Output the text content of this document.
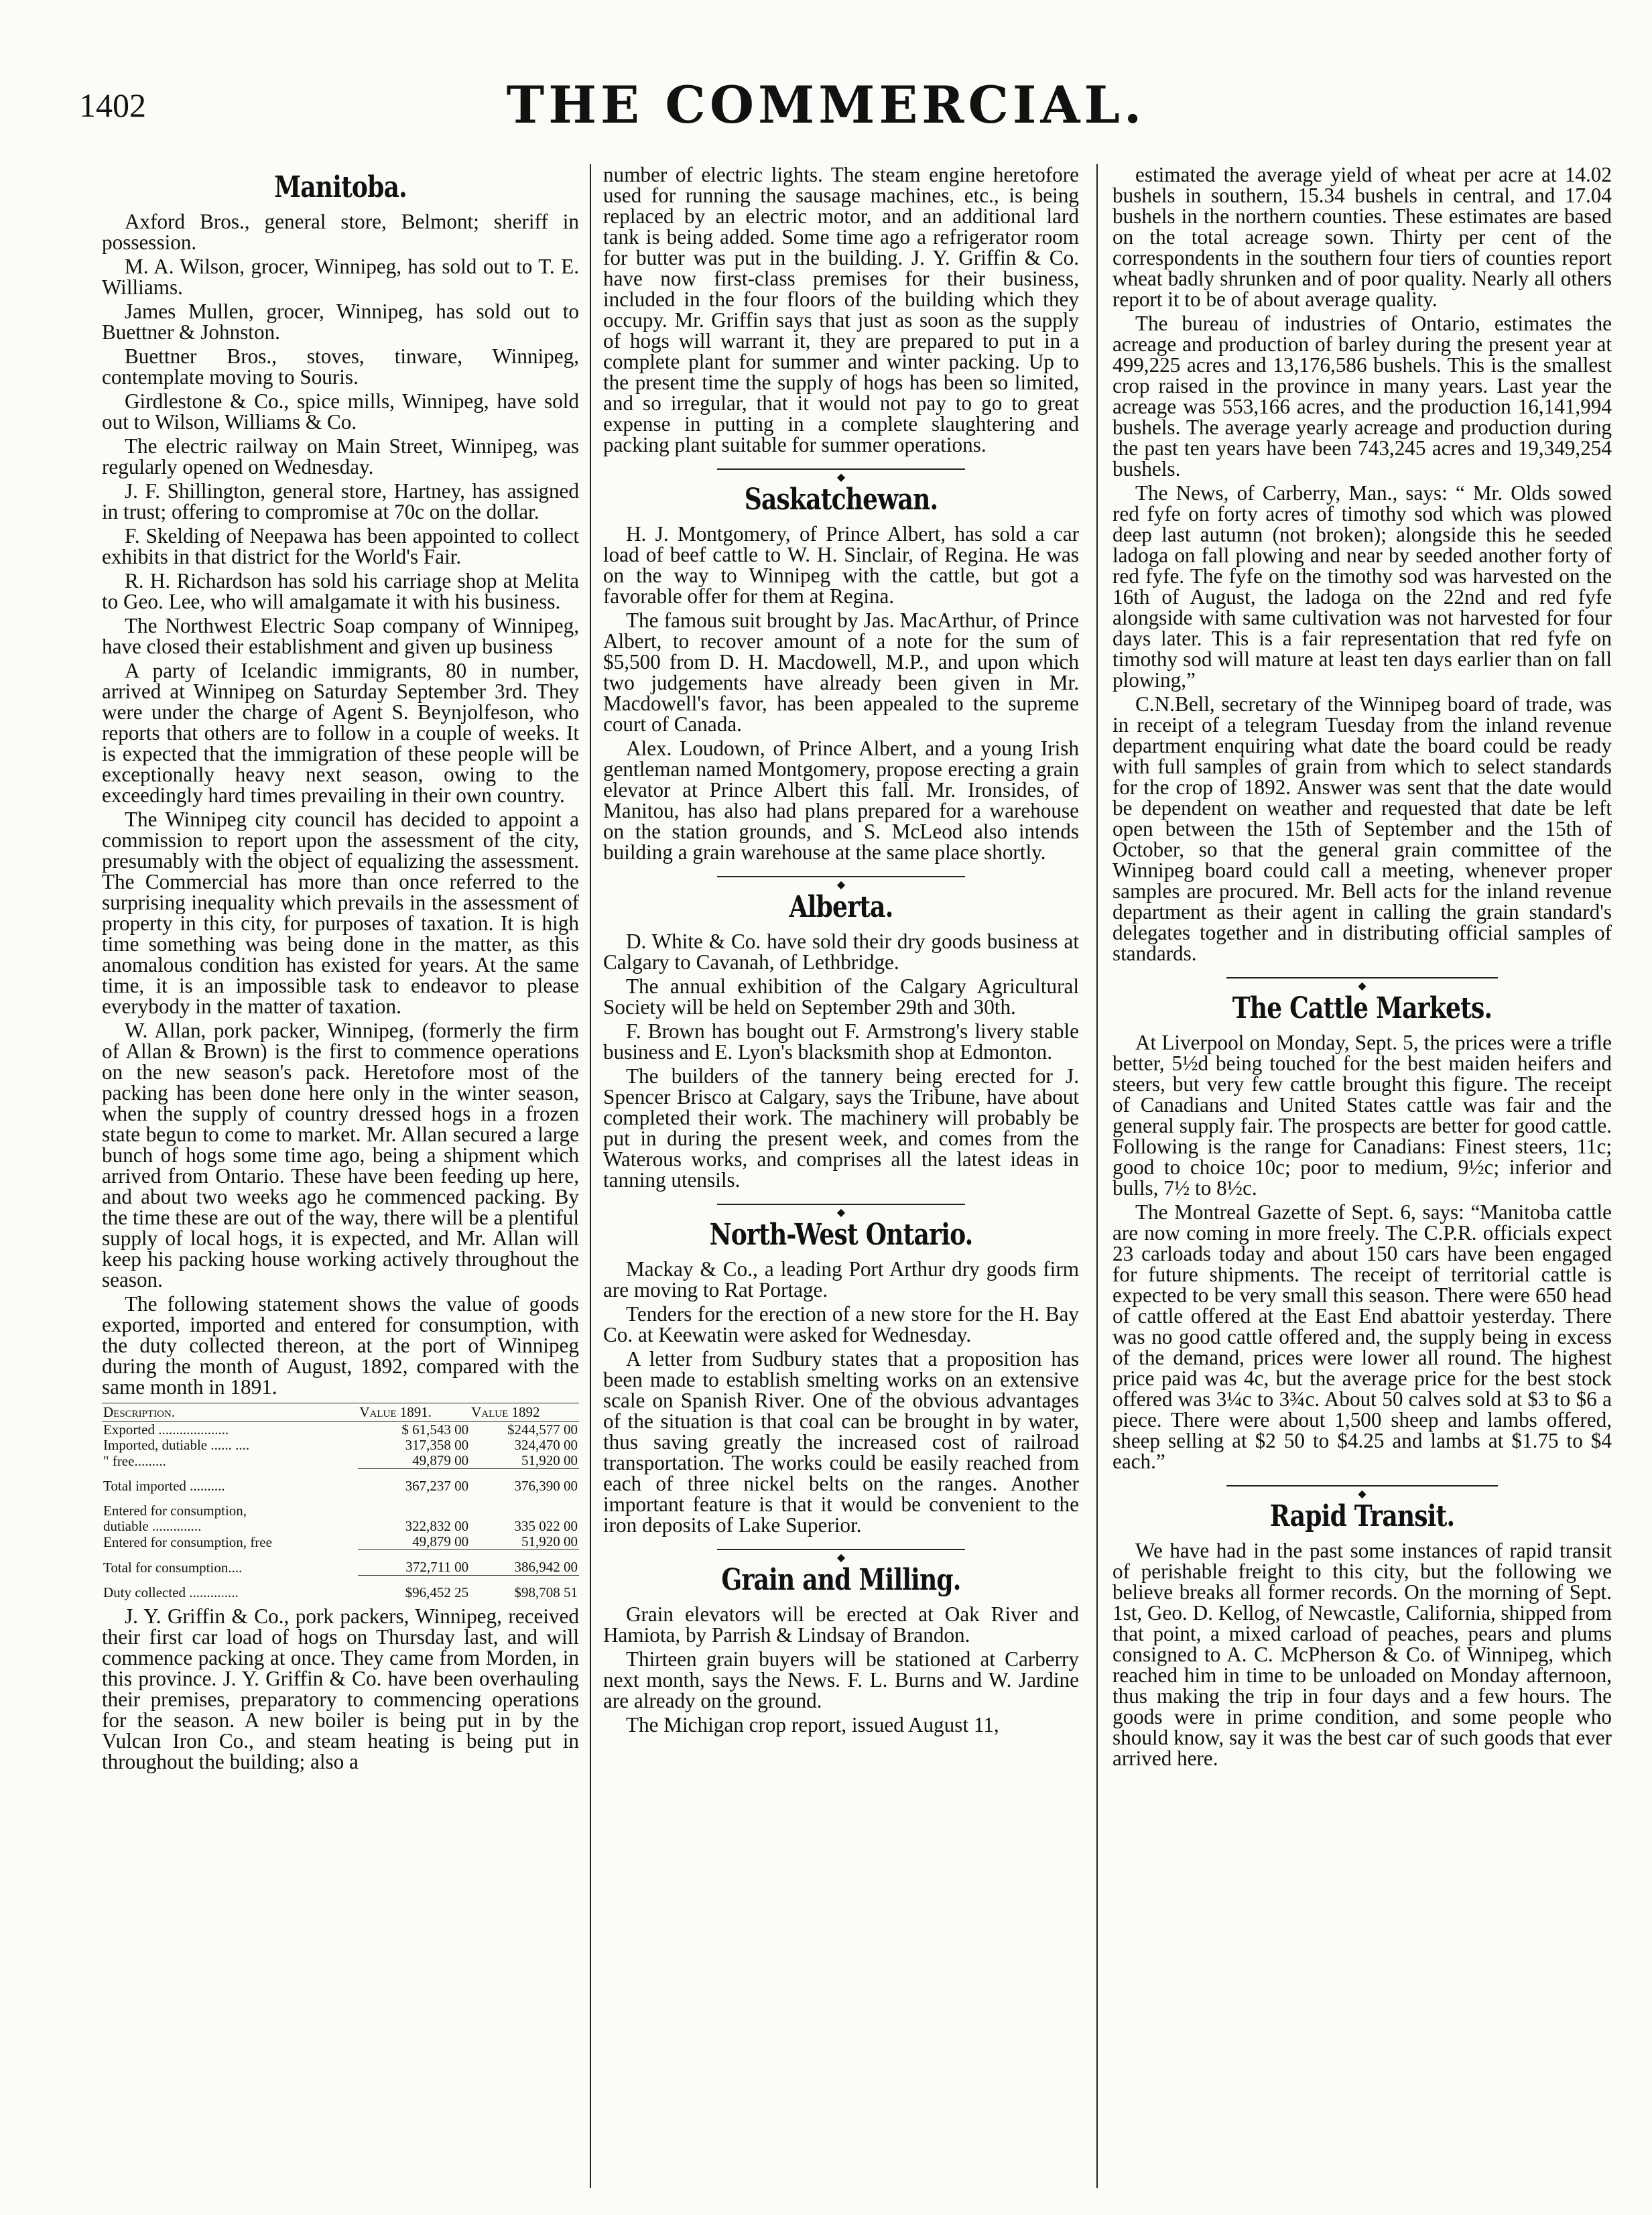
1402	THE COMMERCIAL.
Manitoba.

Axford Bros., general store, Belmont; sheriff in possession.

M. A. Wilson, grocer, Winnipeg, has sold out to T. E. Williams.

James Mullen, grocer, Winnipeg, has sold out to Buettner & Johnston.

Buettner Bros., stoves, tinware, Winnipeg, contemplate moving to Souris.

Girdlestone & Co., spice mills, Winnipeg, have sold out to Wilson, Williams & Co.

The electric railway on Main Street, Winnipeg, was regularly opened on Wednesday.

J. F. Shillington, general store, Hartney, has assigned in trust; offering to compromise at 70c on the dollar.

F. Skelding of Neepawa has been appointed to collect exhibits in that district for the World's Fair.

R. H. Richardson has sold his carriage shop at Melita to Geo. Lee, who will amalgamate it with his business.

The Northwest Electric Soap company of Winnipeg, have closed their establishment and given up business

A party of Icelandic immigrants, 80 in number, arrived at Winnipeg on Saturday September 3rd. They were under the charge of Agent S. Beynjolfeson, who reports that others are to follow in a couple of weeks. It is expected that the immigration of these people will be exceptionally heavy next season, owing to the exceedingly hard times prevailing in their own country.

The Winnipeg city council has decided to appoint a commission to report upon the assessment of the city, presumably with the object of equalizing the assessment. The Commercial has more than once referred to the surprising inequality which prevails in the assessment of property in this city, for purposes of taxation. It is high time something was being done in the matter, as this anomalous condition has existed for years. At the same time, it is an impossible task to endeavor to please everybody in the matter of taxation.

W. Allan, pork packer, Winnipeg, (formerly the firm of Allan & Brown) is the first to commence operations on the new season's pack. Heretofore most of the packing has been done here only in the winter season, when the supply of country dressed hogs in a frozen state begun to come to market. Mr. Allan secured a large bunch of hogs some time ago, being a shipment which arrived from Ontario. These have been feeding up here, and about two weeks ago he commenced packing. By the time these are out of the way, there will be a plentiful supply of local hogs, it is expected, and Mr. Allan will keep his packing house working actively throughout the season.

The following statement shows the value of goods exported, imported and entered for consumption, with the duty collected thereon, at the port of Winnipeg during the month of August, 1892, compared with the same month in 1891.

Description.	Value 1891.	Value 1892
Exported ....................	$ 61,543 00	$244,577 00
Imported, dutiable ...... ....	317,358 00	324,470 00
" free.........	49,879 00	51,920 00
Total imported ..........	367,237 00	376,390 00
Entered for consumption,		
dutiable ..............	322,832 00	335 022 00
Entered for consumption, free	49,879 00	51,920 00
Total for consumption....	372,711 00	386,942 00
Duty collected ..............	$96,452 25	$98,708 51

J. Y. Griffin & Co., pork packers, Winnipeg, received their first car load of hogs on Thursday last, and will commence packing at once. They came from Morden, in this province. J. Y. Griffin & Co. have been overhauling their premises, preparatory to commencing operations for the season. A new boiler is being put in by the Vulcan Iron Co., and steam heating is being put in throughout the building; also a

number of electric lights. The steam engine heretofore used for running the sausage machines, etc., is being replaced by an electric motor, and an additional lard tank is being added. Some time ago a refrigerator room for butter was put in the building. J. Y. Griffin & Co. have now first-class premises for their business, included in the four floors of the building which they occupy. Mr. Griffin says that just as soon as the supply of hogs will warrant it, they are prepared to put in a complete plant for summer and winter packing. Up to the present time the supply of hogs has been so limited, and so irregular, that it would not pay to go to great expense in putting in a complete slaughtering and packing plant suitable for summer operations.

◆
Saskatchewan.

H. J. Montgomery, of Prince Albert, has sold a car load of beef cattle to W. H. Sinclair, of Regina. He was on the way to Winnipeg with the cattle, but got a favorable offer for them at Regina.

The famous suit brought by Jas. MacArthur, of Prince Albert, to recover amount of a note for the sum of $5,500 from D. H. Macdowell, M.P., and upon which two judgements have already been given in Mr. Macdowell's favor, has been appealed to the supreme court of Canada.

Alex. Loudown, of Prince Albert, and a young Irish gentleman named Montgomery, propose erecting a grain elevator at Prince Albert this fall. Mr. Ironsides, of Manitou, has also had plans prepared for a warehouse on the station grounds, and S. McLeod also intends building a grain warehouse at the same place shortly.

◆
Alberta.

D. White & Co. have sold their dry goods business at Calgary to Cavanah, of Lethbridge.

The annual exhibition of the Calgary Agricultural Society will be held on September 29th and 30th.

F. Brown has bought out F. Armstrong's livery stable business and E. Lyon's blacksmith shop at Edmonton.

The builders of the tannery being erected for J. Spencer Brisco at Calgary, says the Tribune, have about completed their work. The machinery will probably be put in during the present week, and comes from the Waterous works, and comprises all the latest ideas in tanning utensils.

◆
North-West Ontario.

Mackay & Co., a leading Port Arthur dry goods firm are moving to Rat Portage.

Tenders for the erection of a new store for the H. Bay Co. at Keewatin were asked for Wednesday.

A letter from Sudbury states that a proposition has been made to establish smelting works on an extensive scale on Spanish River. One of the obvious advantages of the situation is that coal can be brought in by water, thus saving greatly the increased cost of railroad transportation. The works could be easily reached from each of three nickel belts on the ranges. Another important feature is that it would be convenient to the iron deposits of Lake Superior.

◆
Grain and Milling.

Grain elevators will be erected at Oak River and Hamiota, by Parrish & Lindsay of Brandon.

Thirteen grain buyers will be stationed at Carberry next month, says the News. F. L. Burns and W. Jardine are already on the ground.

The Michigan crop report, issued August 11,

estimated the average yield of wheat per acre at 14.02 bushels in southern, 15.34 bushels in central, and 17.04 bushels in the northern counties. These estimates are based on the total acreage sown. Thirty per cent of the correspondents in the southern four tiers of counties report wheat badly shrunken and of poor quality. Nearly all others report it to be of about average quality.

The bureau of industries of Ontario, estimates the acreage and production of barley during the present year at 499,225 acres and 13,176,586 bushels. This is the smallest crop raised in the province in many years. Last year the acreage was 553,166 acres, and the production 16,141,994 bushels. The average yearly acreage and production during the past ten years have been 743,245 acres and 19,349,254 bushels.

The News, of Carberry, Man., says: “ Mr. Olds sowed red fyfe on forty acres of timothy sod which was plowed deep last autumn (not broken); alongside this he seeded ladoga on fall plowing and near by seeded another forty of red fyfe. The fyfe on the timothy sod was harvested on the 16th of August, the ladoga on the 22nd and red fyfe alongside with same cultivation was not harvested for four days later. This is a fair representation that red fyfe on timothy sod will mature at least ten days earlier than on fall plowing,”

C.N.Bell, secretary of the Winnipeg board of trade, was in receipt of a telegram Tuesday from the inland revenue department enquiring what date the board could be ready with full samples of grain from which to select standards for the crop of 1892. Answer was sent that the date would be dependent on weather and requested that date be left open between the 15th of September and the 15th of October, so that the general grain committee of the Winnipeg board could call a meeting, whenever proper samples are procured. Mr. Bell acts for the inland revenue department as their agent in calling the grain standard's delegates together and in distributing official samples of standards.

◆
The Cattle Markets.

At Liverpool on Monday, Sept. 5, the prices were a trifle better, 5½d being touched for the best maiden heifers and steers, but very few cattle brought this figure. The receipt of Canadians and United States cattle was fair and the general supply fair. The prospects are better for good cattle. Following is the range for Canadians: Finest steers, 11c; good to choice 10c; poor to medium, 9½c; inferior and bulls, 7½ to 8½c.

The Montreal Gazette of Sept. 6, says: “Manitoba cattle are now coming in more freely. The C.P.R. officials expect 23 carloads today and about 150 cars have been engaged for future shipments. The receipt of territorial cattle is expected to be very small this season. There were 650 head of cattle offered at the East End abattoir yesterday. There was no good cattle offered and, the supply being in excess of the demand, prices were lower all round. The highest price paid was 4c, but the average price for the best stock offered was 3¼c to 3¾c. About 50 calves sold at $3 to $6 a piece. There were about 1,500 sheep and lambs offered, sheep selling at $2 50 to $4.25 and lambs at $1.75 to $4 each.”

◆
Rapid Transit.

We have had in the past some instances of rapid transit of perishable freight to this city, but the following we believe breaks all former records. On the morning of Sept. 1st, Geo. D. Kellog, of Newcastle, California, shipped from that point, a mixed carload of peaches, pears and plums consigned to A. C. McPherson & Co. of Winnipeg, which reached him in time to be unloaded on Monday afternoon, thus making the trip in four days and a few hours. The goods were in prime condition, and some people who should know, say it was the best car of such goods that ever arrived here.
